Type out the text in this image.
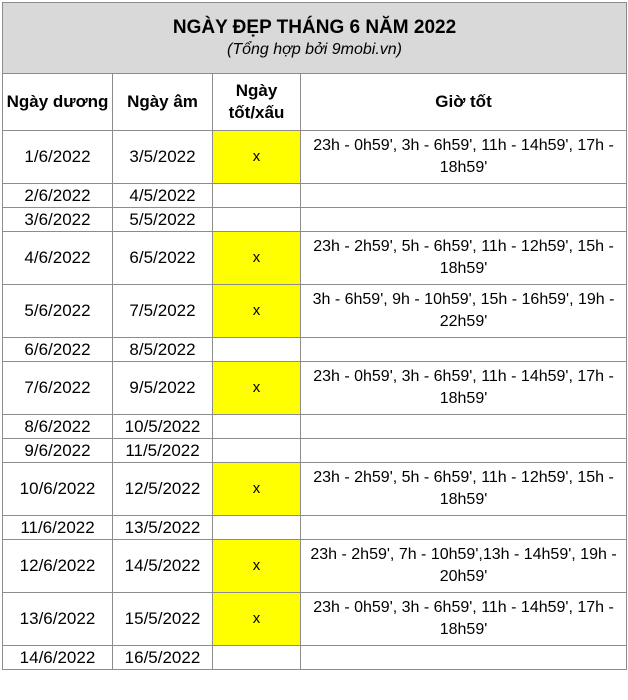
NGÀY ĐẸP THÁNG 6 NĂM 2022
(Tổng hợp bởi 9mobi.vn)			

Ngày dương	Ngày âm	Ngày tốt/xấu	Giờ tốt
1/6/2022	3/5/2022	x	23h - 0h59', 3h - 6h59', 11h - 14h59', 17h - 18h59'
2/6/2022	4/5/2022		
3/6/2022	5/5/2022		
4/6/2022	6/5/2022	x	23h - 2h59', 5h - 6h59', 11h - 12h59', 15h - 18h59'
5/6/2022	7/5/2022	x	3h - 6h59', 9h - 10h59', 15h - 16h59', 19h - 22h59'
6/6/2022	8/5/2022		
7/6/2022	9/5/2022	x	23h - 0h59', 3h - 6h59', 11h - 14h59', 17h - 18h59'
8/6/2022	10/5/2022		
9/6/2022	11/5/2022		
10/6/2022	12/5/2022	x	23h - 2h59', 5h - 6h59', 11h - 12h59', 15h - 18h59'
11/6/2022	13/5/2022		
12/6/2022	14/5/2022	x	23h - 2h59', 7h - 10h59',13h - 14h59', 19h - 20h59'
13/6/2022	15/5/2022	x	23h - 0h59', 3h - 6h59', 11h - 14h59', 17h - 18h59'
14/6/2022	16/5/2022		
